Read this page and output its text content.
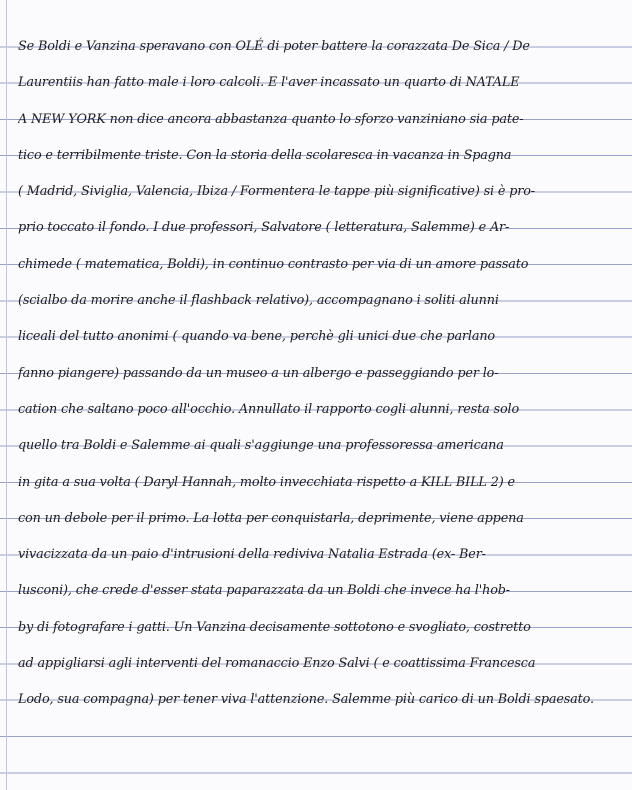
Se Boldi e Vanzina speravano con OLÉ di poter battere la corazzata De Sica / De
Laurentiis han fatto male i loro calcoli. E l'aver incassato un quarto di NATALE
A NEW YORK non dice ancora abbastanza quanto lo sforzo vanziniano sia pate-
tico e terribilmente triste. Con la storia della scolaresca in vacanza in Spagna
( Madrid, Siviglia, Valencia, Ibiza / Formentera le tappe più significative) si è pro-
prio toccato il fondo. I due professori, Salvatore ( letteratura, Salemme) e Ar-
chimede ( matematica, Boldi), in continuo contrasto per via di un amore passato
(scialbo da morire anche il flashback relativo), accompagnano i soliti alunni
liceali del tutto anonimi ( quando va bene, perchè gli unici due che parlano
fanno piangere) passando da un museo a un albergo e passeggiando per lo-
cation che saltano poco all'occhio. Annullato il rapporto cogli alunni, resta solo
quello tra Boldi e Salemme ai quali s'aggiunge una professoressa americana
in gita a sua volta ( Daryl Hannah, molto invecchiata rispetto a KILL BILL 2) e
con un debole per il primo. La lotta per conquistarla, deprimente, viene appena
vivacizzata da un paio d'intrusioni della redivivа Natalia Estrada (ex- Ber-
lusconi), che crede d'esser stata paparazzata da un Boldi che invece ha l'hob-
by di fotografare i gatti. Un Vanzina decisamente sottotono e svogliato, costretto
ad appigliarsi agli interventi del romanaccio Enzo Salvi ( e coattissima Francesca
Lodo, sua compagna) per tener viva l'attenzione. Salemme più carico di un Boldi spaesato.
